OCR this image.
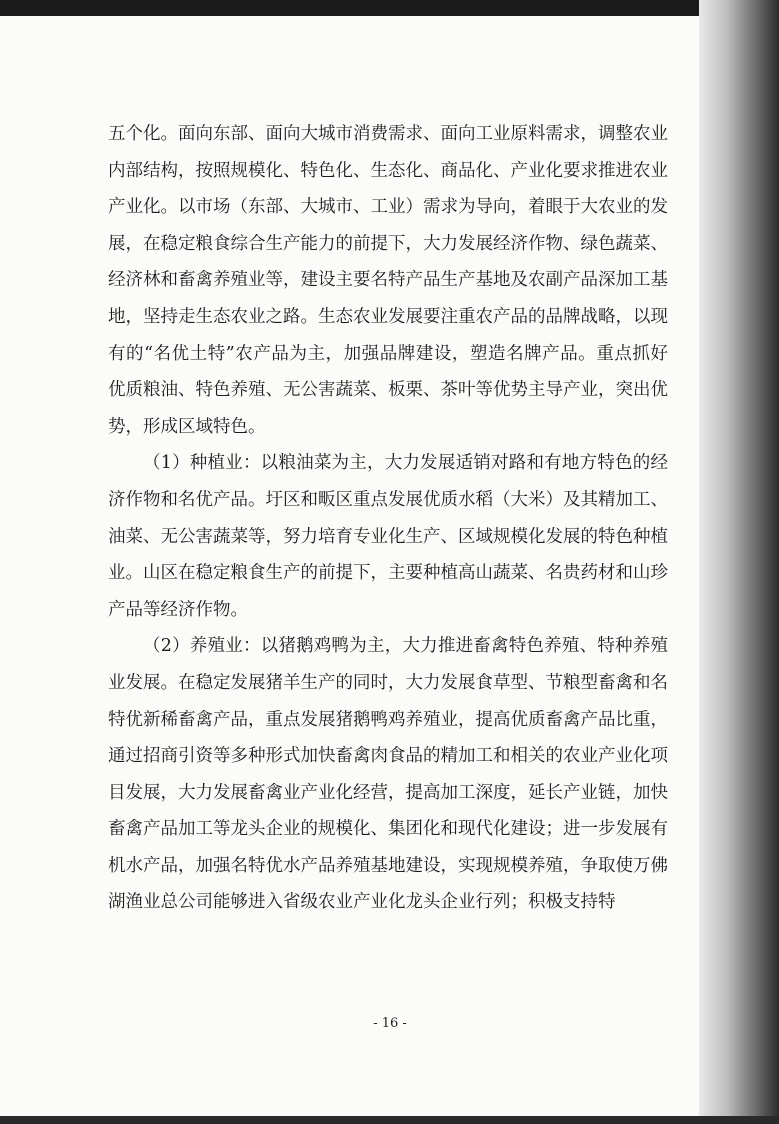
五个化。面向东部、面向大城市消费需求、面向工业原料需求，调整农业内部结构，按照规模化、特色化、生态化、商品化、产业化要求推进农业产业化。以市场（东部、大城市、工业）需求为导向，着眼于大农业的发展，在稳定粮食综合生产能力的前提下，大力发展经济作物、绿色蔬菜、经济林和畜禽养殖业等，建设主要名特产品生产基地及农副产品深加工基地，坚持走生态农业之路。生态农业发展要注重农产品的品牌战略，以现有的“名优土特”农产品为主，加强品牌建设，塑造名牌产品。重点抓好优质粮油、特色养殖、无公害蔬菜、板栗、茶叶等优势主导产业，突出优势，形成区域特色。

（1）种植业：以粮油菜为主，大力发展适销对路和有地方特色的经济作物和名优产品。圩区和畈区重点发展优质水稻（大米）及其精加工、油菜、无公害蔬菜等，努力培育专业化生产、区域规模化发展的特色种植业。山区在稳定粮食生产的前提下，主要种植高山蔬菜、名贵药材和山珍产品等经济作物。

（2）养殖业：以猪鹅鸡鸭为主，大力推进畜禽特色养殖、特种养殖业发展。在稳定发展猪羊生产的同时，大力发展食草型、节粮型畜禽和名特优新稀畜禽产品，重点发展猪鹅鸭鸡养殖业，提高优质畜禽产品比重，通过招商引资等多种形式加快畜禽肉食品的精加工和相关的农业产业化项目发展，大力发展畜禽业产业化经营，提高加工深度，延长产业链，加快畜禽产品加工等龙头企业的规模化、集团化和现代化建设；进一步发展有机水产品，加强名特优水产品养殖基地建设，实现规模养殖，争取使万佛湖渔业总公司能够进入省级农业产业化龙头企业行列；积极支持特

- 16 -
